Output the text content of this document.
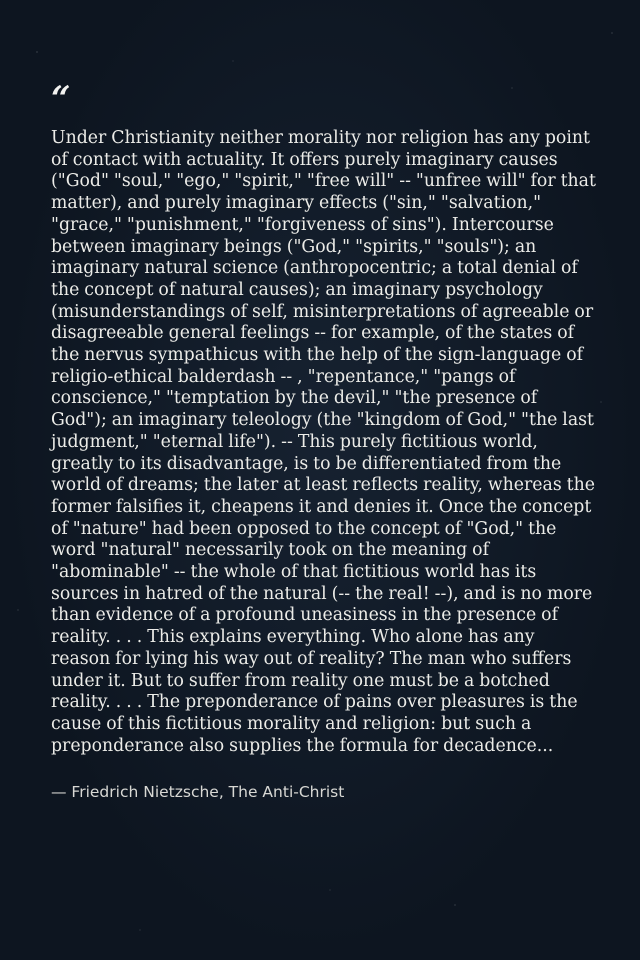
“
Under Christianity neither morality nor religion has any point of contact with actuality. It offers purely imaginary causes ("God" "soul," "ego," "spirit," "free will" -- "unfree will" for that matter), and purely imaginary effects ("sin," "salvation," "grace," "punishment," "forgiveness of sins"). Intercourse between imaginary beings ("God," "spirits," "souls"); an imaginary natural science (anthropocentric; a total denial of the concept of natural causes); an imaginary psychology (misunderstandings of self, misinterpretations of agreeable or disagreeable general feelings -- for example, of the states of the nervus sympathicus with the help of the sign-language of religio-ethical balderdash -- , "repentance," "pangs of conscience," "temptation by the devil," "the presence of God"); an imaginary teleology (the "kingdom of God," "the last judgment," "eternal life"). -- This purely fictitious world, greatly to its disadvantage, is to be differentiated from the world of dreams; the later at least reflects reality, whereas the former falsifies it, cheapens it and denies it. Once the concept of "nature" had been opposed to the concept of "God," the word "natural" necessarily took on the meaning of "abominable" -- the whole of that fictitious world has its sources in hatred of the natural (-- the real! --), and is no more than evidence of a profound uneasiness in the presence of reality. . . . This explains everything. Who alone has any reason for lying his way out of reality? The man who suffers under it. But to suffer from reality one must be a botched reality. . . . The preponderance of pains over pleasures is the cause of this fictitious morality and religion: but such a preponderance also supplies the formula for decadence...
— Friedrich Nietzsche, The Anti-Christ
